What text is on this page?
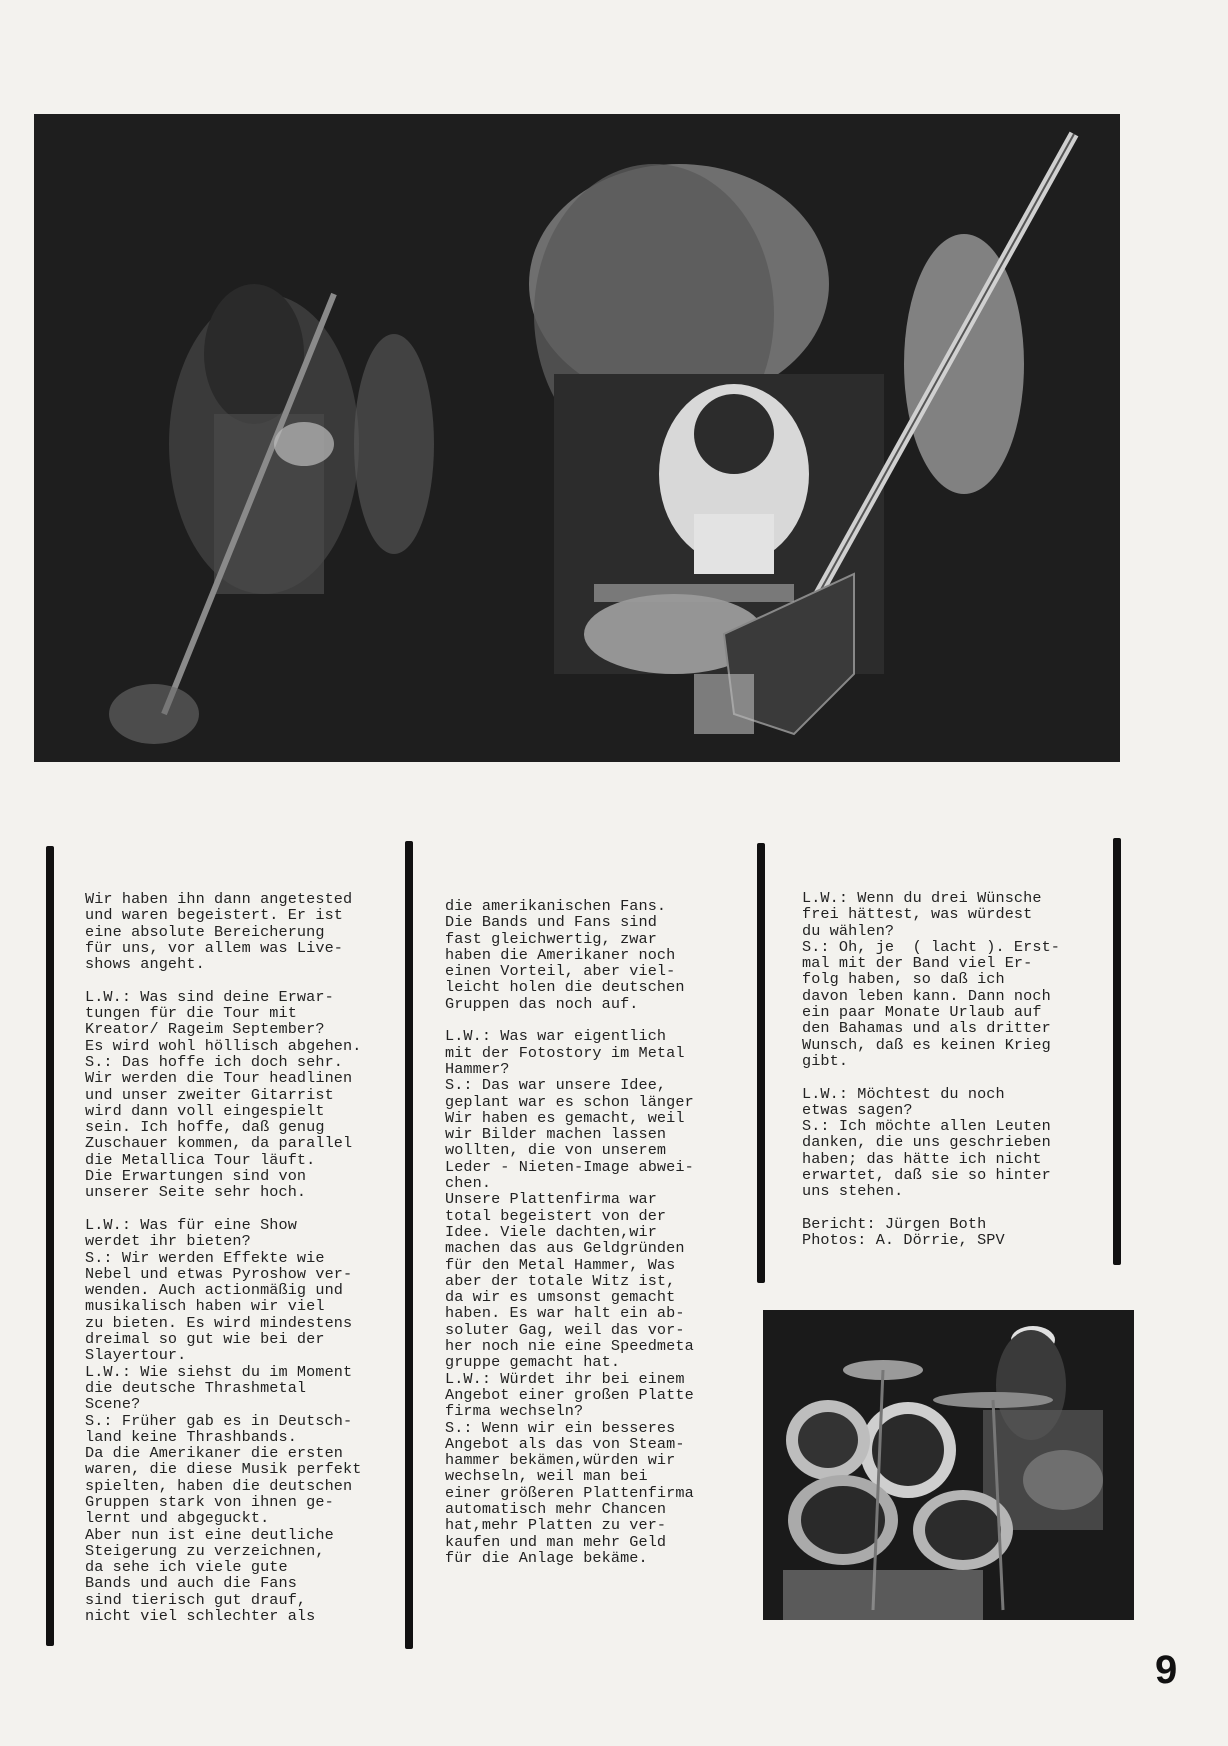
Wir haben ihn dann angetested
und waren begeistert. Er ist
eine absolute Bereicherung
für uns, vor allem was Live-
shows angeht.

L.W.: Was sind deine Erwar-
tungen für die Tour mit
Kreator/ Rageim September?
Es wird wohl höllisch abgehen.
S.: Das hoffe ich doch sehr.
Wir werden die Tour headlinen
und unser zweiter Gitarrist
wird dann voll eingespielt
sein. Ich hoffe, daß genug
Zuschauer kommen, da parallel
die Metallica Tour läuft.
Die Erwartungen sind von
unserer Seite sehr hoch.

L.W.: Was für eine Show
werdet ihr bieten?
S.: Wir werden Effekte wie
Nebel und etwas Pyroshow ver-
wenden. Auch actionmäßig und
musikalisch haben wir viel
zu bieten. Es wird mindestens
dreimal so gut wie bei der
Slayertour.
L.W.: Wie siehst du im Moment
die deutsche Thrashmetal
Scene?
S.: Früher gab es in Deutsch-
land keine Thrashbands.
Da die Amerikaner die ersten
waren, die diese Musik perfekt
spielten, haben die deutschen
Gruppen stark von ihnen ge-
lernt und abgeguckt.
Aber nun ist eine deutliche
Steigerung zu verzeichnen,
da sehe ich viele gute
Bands und auch die Fans
sind tierisch gut drauf,
nicht viel schlechter als
die amerikanischen Fans.
Die Bands und Fans sind
fast gleichwertig, zwar
haben die Amerikaner noch
einen Vorteil, aber viel-
leicht holen die deutschen
Gruppen das noch auf.

L.W.: Was war eigentlich
mit der Fotostory im Metal
Hammer?
S.: Das war unsere Idee,
geplant war es schon länger
Wir haben es gemacht, weil
wir Bilder machen lassen
wollten, die von unserem
Leder - Nieten-Image abwei-
chen.
Unsere Plattenfirma war
total begeistert von der
Idee. Viele dachten,wir
machen das aus Geldgründen
für den Metal Hammer, Was
aber der totale Witz ist,
da wir es umsonst gemacht
haben. Es war halt ein ab-
soluter Gag, weil das vor-
her noch nie eine Speedmeta
gruppe gemacht hat.
L.W.: Würdet ihr bei einem
Angebot einer großen Platte
firma wechseln?
S.: Wenn wir ein besseres
Angebot als das von Steam-
hammer bekämen,würden wir
wechseln, weil man bei
einer größeren Plattenfirma
automatisch mehr Chancen
hat,mehr Platten zu ver-
kaufen und man mehr Geld
für die Anlage bekäme.
L.W.: Wenn du drei Wünsche
frei hättest, was würdest
du wählen?
S.: Oh, je  ( lacht ). Erst-
mal mit der Band viel Er-
folg haben, so daß ich
davon leben kann. Dann noch
ein paar Monate Urlaub auf
den Bahamas und als dritter
Wunsch, daß es keinen Krieg
gibt.

L.W.: Möchtest du noch
etwas sagen?
S.: Ich möchte allen Leuten
danken, die uns geschrieben
haben; das hätte ich nicht
erwartet, daß sie so hinter
uns stehen.

Bericht: Jürgen Both
Photos: A. Dörrie, SPV
9
